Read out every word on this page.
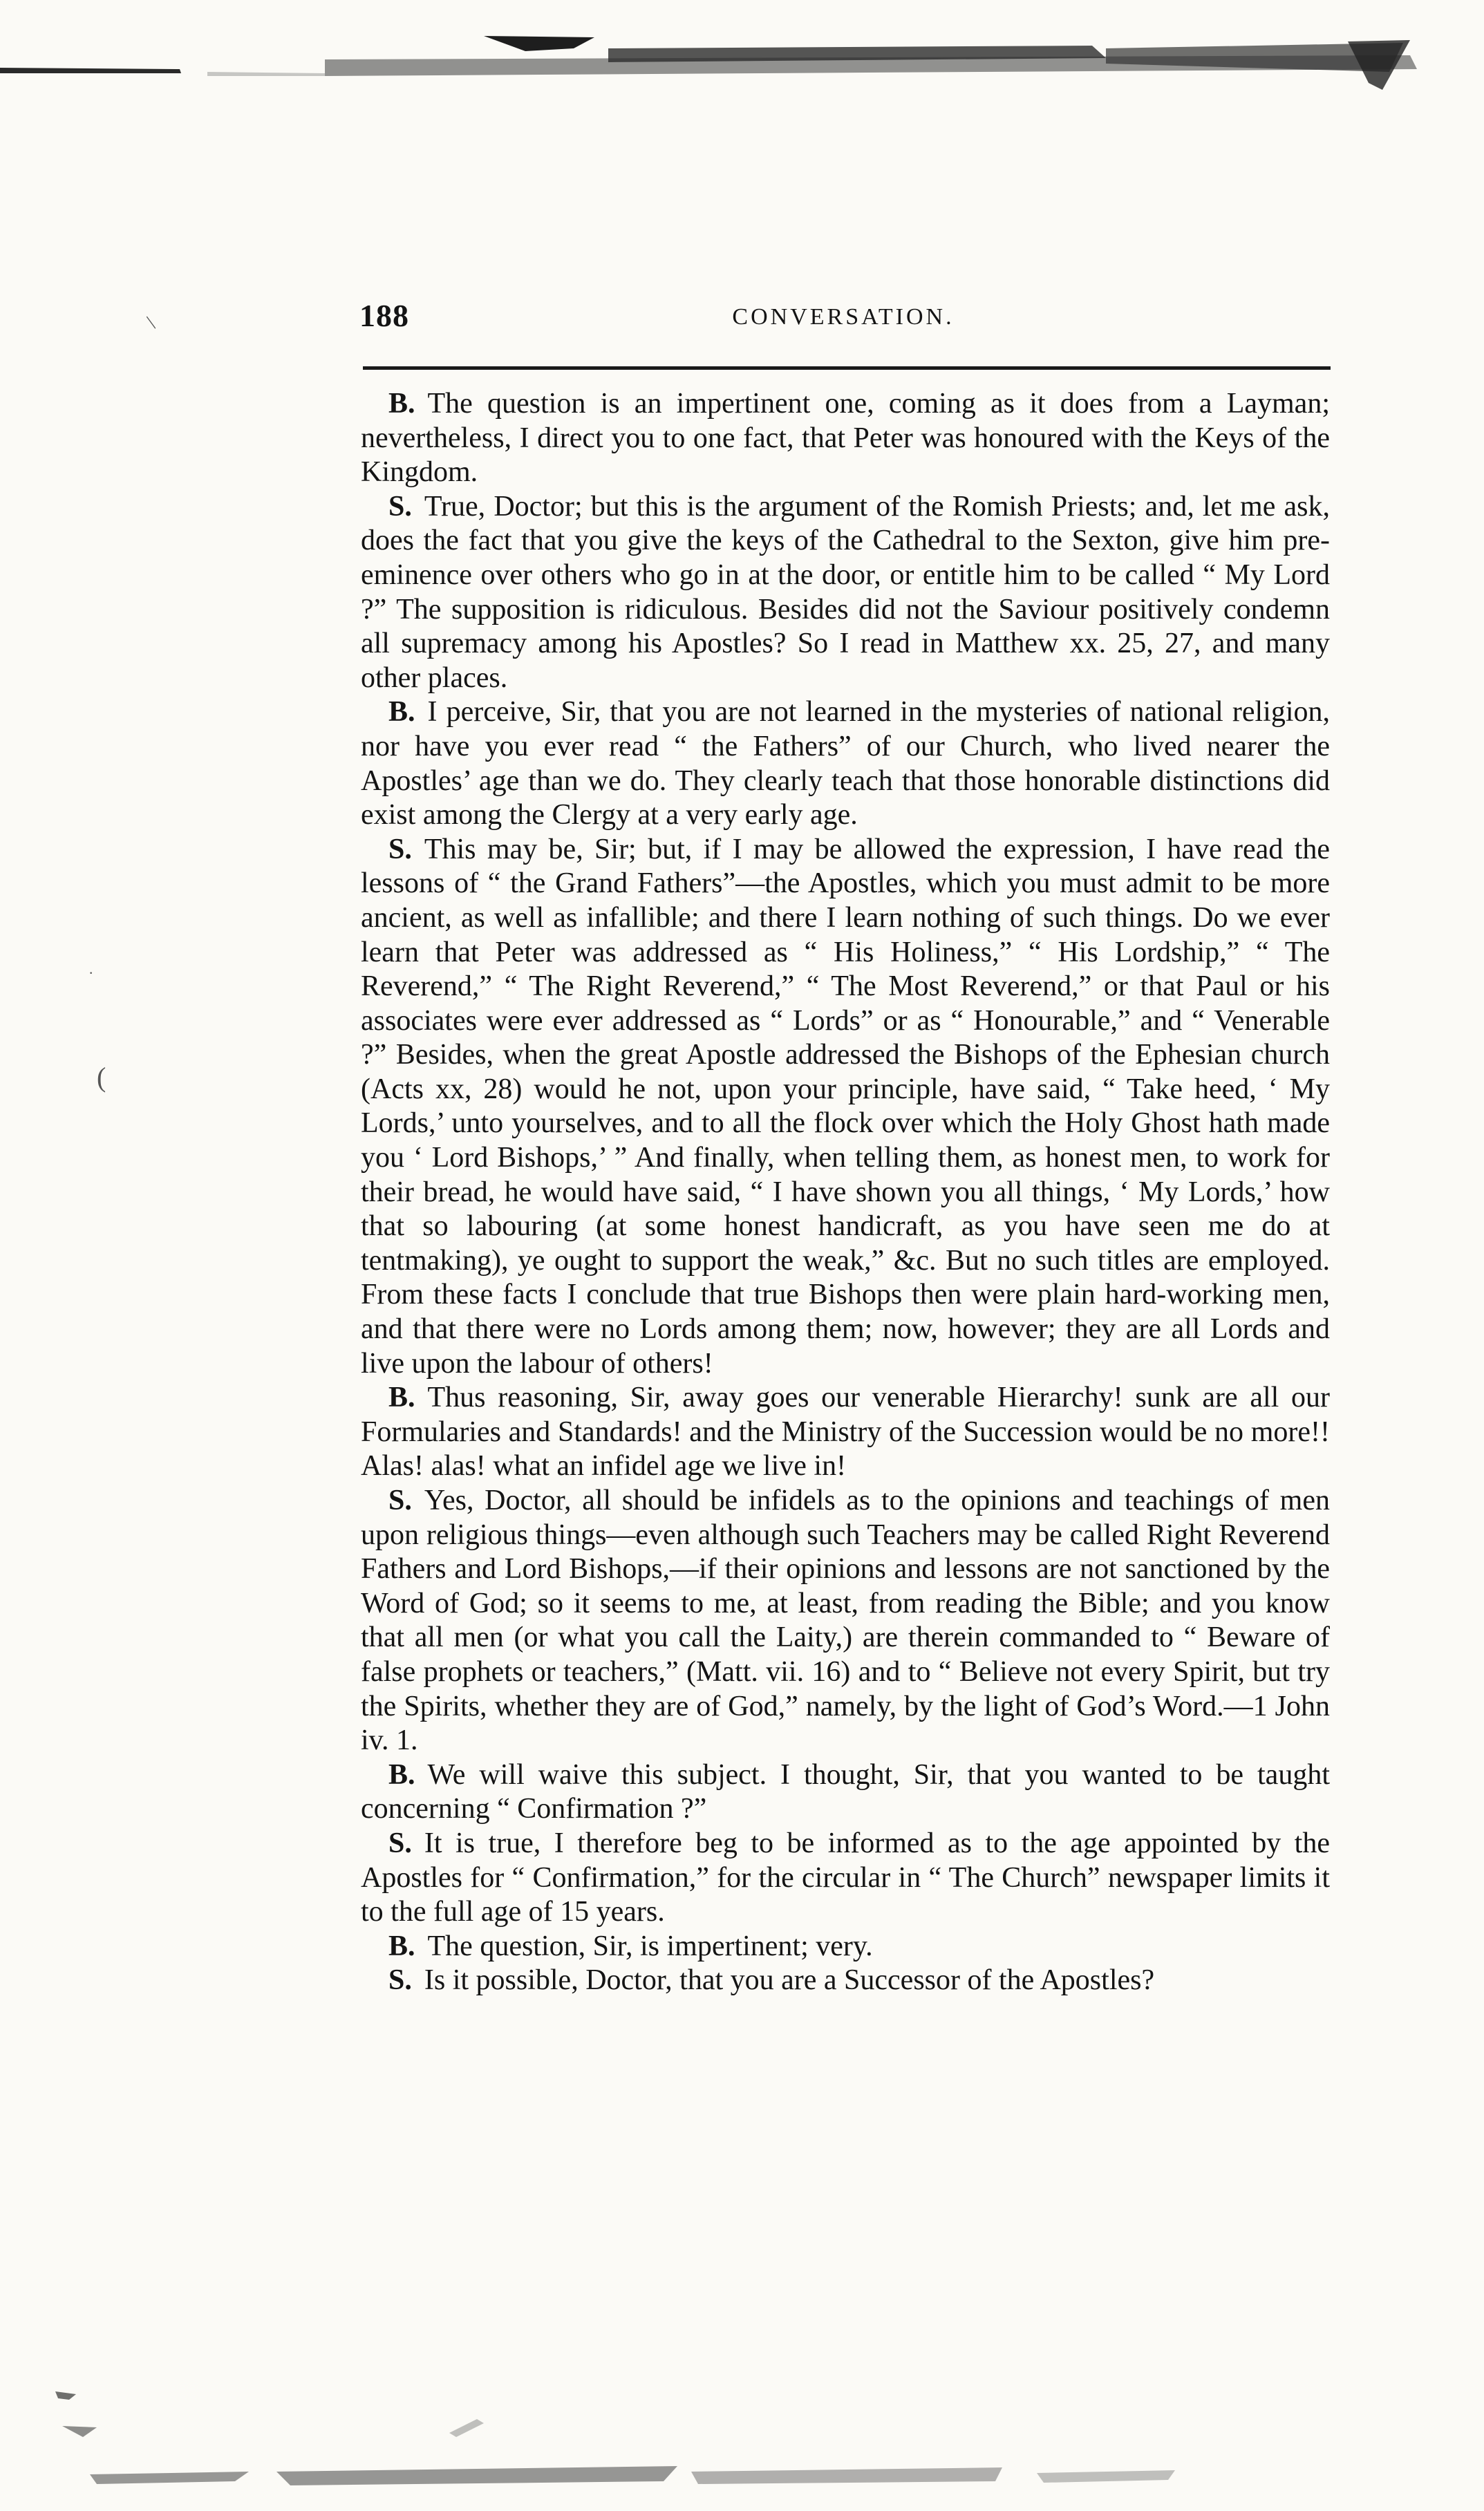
188	CONVERSATION.

B. The question is an impertinent one, coming as it does from a Layman; nevertheless, I direct you to one fact, that Peter was honoured with the Keys of the Kingdom.

S. True, Doctor; but this is the argument of the Romish Priests; and, let me ask, does the fact that you give the keys of the Cathedral to the Sexton, give him pre-eminence over others who go in at the door, or entitle him to be called “ My Lord ?” The supposition is ridiculous. Besides did not the Saviour positively condemn all supremacy among his Apostles? So I read in Matthew xx. 25, 27, and many other places.

B. I perceive, Sir, that you are not learned in the mysteries of national religion, nor have you ever read “ the Fathers” of our Church, who lived nearer the Apostles’ age than we do. They clearly teach that those honorable distinctions did exist among the Clergy at a very early age.

S. This may be, Sir; but, if I may be allowed the expression, I have read the lessons of “ the Grand Fathers”—the Apostles, which you must admit to be more ancient, as well as infallible; and there I learn nothing of such things. Do we ever learn that Peter was addressed as “ His Holiness,” “ His Lordship,” “ The Reverend,” “ The Right Reverend,” “ The Most Reverend,” or that Paul or his associates were ever addressed as “ Lords” or as “ Honourable,” and “ Venerable ?” Besides, when the great Apostle addressed the Bishops of the Ephesian church (Acts xx, 28) would he not, upon your principle, have said, “ Take heed, ‘ My Lords,’ unto yourselves, and to all the flock over which the Holy Ghost hath made you ‘ Lord Bishops,’ ” And finally, when telling them, as honest men, to work for their bread, he would have said, “ I have shown you all things, ‘ My Lords,’ how that so labouring (at some honest handicraft, as you have seen me do at tentmaking), ye ought to support the weak,” &c. But no such titles are employed. From these facts I conclude that true Bishops then were plain hard-working men, and that there were no Lords among them; now, however; they are all Lords and live upon the labour of others!

B. Thus reasoning, Sir, away goes our venerable Hierarchy! sunk are all our Formularies and Standards! and the Ministry of the Succession would be no more!! Alas! alas! what an infidel age we live in!

S. Yes, Doctor, all should be infidels as to the opinions and teachings of men upon religious things—even although such Teachers may be called Right Reverend Fathers and Lord Bishops,—if their opinions and lessons are not sanctioned by the Word of God; so it seems to me, at least, from reading the Bible; and you know that all men (or what you call the Laity,) are therein commanded to “ Beware of false prophets or teachers,” (Matt. vii. 16) and to “ Believe not every Spirit, but try the Spirits, whether they are of God,” namely, by the light of God’s Word.—1 John iv. 1.

B. We will waive this subject. I thought, Sir, that you wanted to be taught concerning “ Confirmation ?”

S. It is true, I therefore beg to be informed as to the age appointed by the Apostles for “ Confirmation,” for the circular in “ The Church” newspaper limits it to the full age of 15 years.

B. The question, Sir, is impertinent; very.

S. Is it possible, Doctor, that you are a Successor of the Apostles?

/
(
·
